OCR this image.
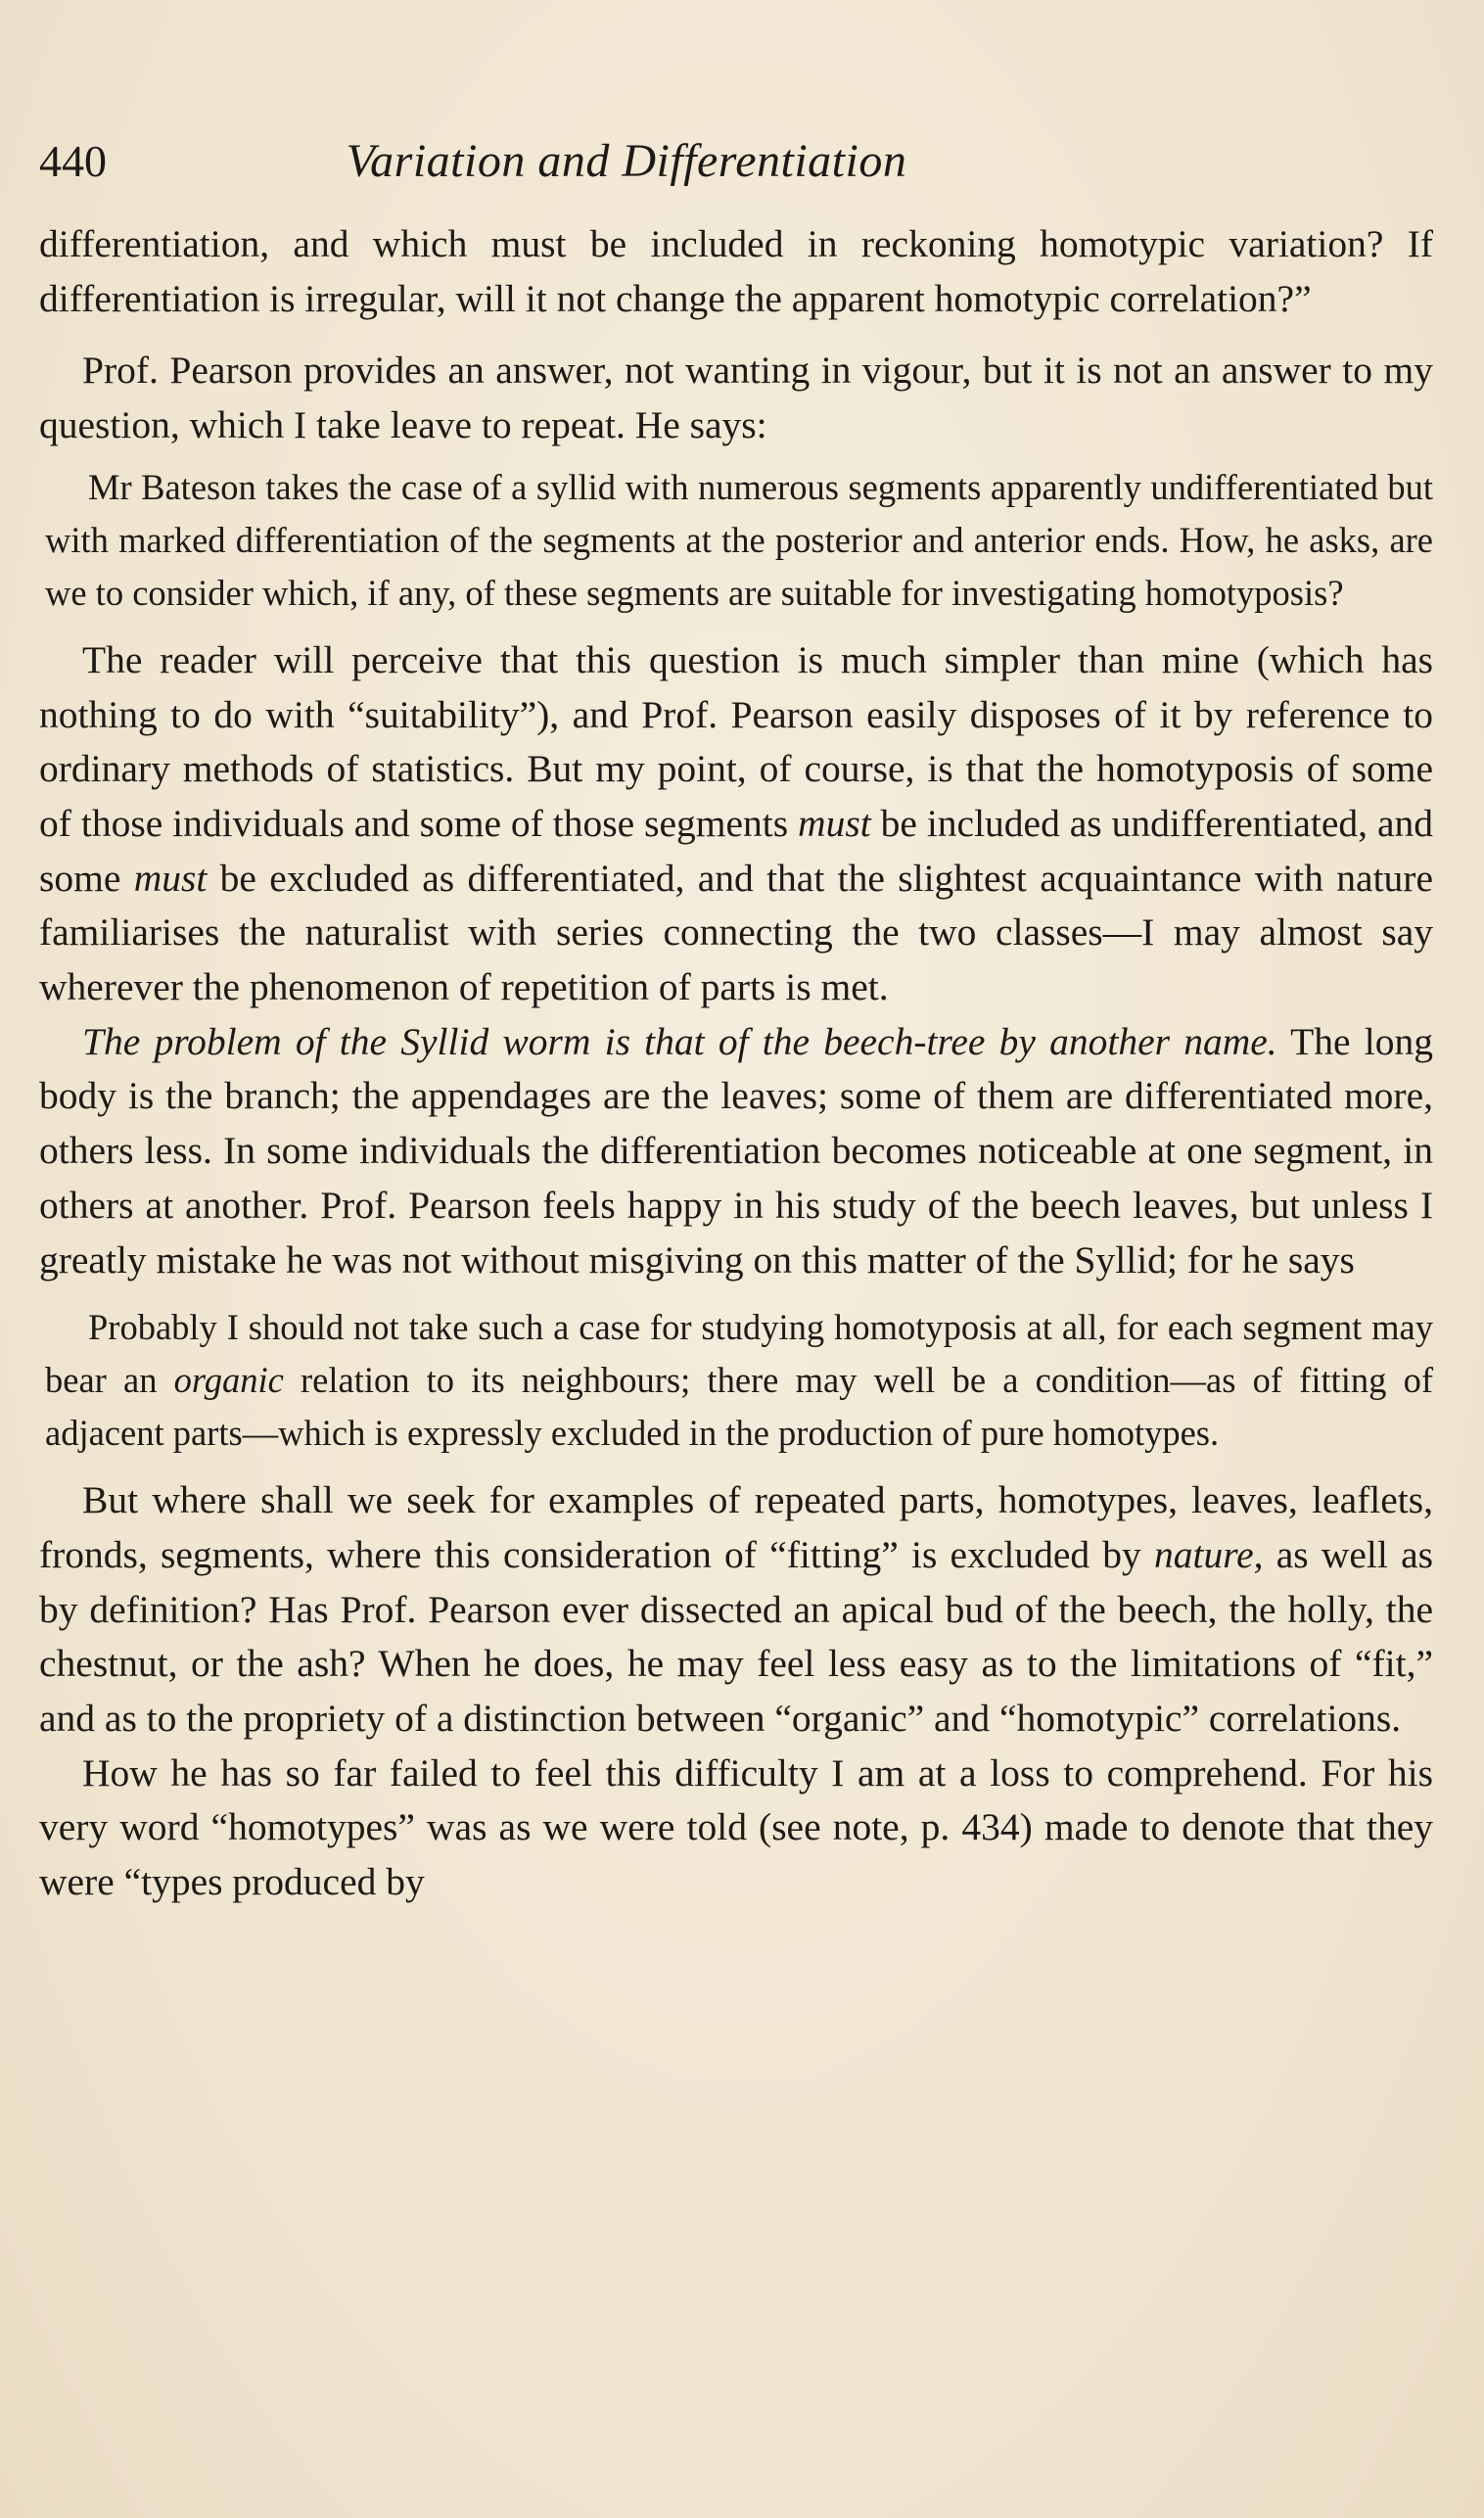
440	Variation and Differentiation

differentiation, and which must be included in reckoning homotypic variation? If differentiation is irregular, will it not change the apparent homotypic correlation?”

Prof. Pearson provides an answer, not wanting in vigour, but it is not an answer to my question, which I take leave to repeat. He says:

Mr Bateson takes the case of a syllid with numerous segments apparently undifferentiated but with marked differentiation of the segments at the posterior and anterior ends. How, he asks, are we to consider which, if any, of these segments are suitable for investigating homotyposis?

The reader will perceive that this question is much simpler than mine (which has nothing to do with “suitability”), and Prof. Pearson easily disposes of it by reference to ordinary methods of statistics. But my point, of course, is that the homotyposis of some of those individuals and some of those segments must be included as undifferentiated, and some must be excluded as differentiated, and that the slightest acquaintance with nature familiarises the naturalist with series connecting the two classes—I may almost say wherever the phenomenon of repetition of parts is met.

The problem of the Syllid worm is that of the beech-tree by another name. The long body is the branch; the appendages are the leaves; some of them are differentiated more, others less. In some individuals the differentiation becomes noticeable at one segment, in others at another. Prof. Pearson feels happy in his study of the beech leaves, but unless I greatly mistake he was not without misgiving on this matter of the Syllid; for he says

Probably I should not take such a case for studying homotyposis at all, for each segment may bear an organic relation to its neighbours; there may well be a condition—as of fitting of adjacent parts—which is expressly excluded in the production of pure homotypes.

But where shall we seek for examples of repeated parts, homotypes, leaves, leaflets, fronds, segments, where this consideration of “fitting” is excluded by nature, as well as by definition? Has Prof. Pearson ever dissected an apical bud of the beech, the holly, the chestnut, or the ash? When he does, he may feel less easy as to the limitations of “fit,” and as to the propriety of a distinction between “organic” and “homotypic” correlations.

How he has so far failed to feel this difficulty I am at a loss to comprehend. For his very word “homotypes” was as we were told (see note, p. 434) made to denote that they were “types produced by
